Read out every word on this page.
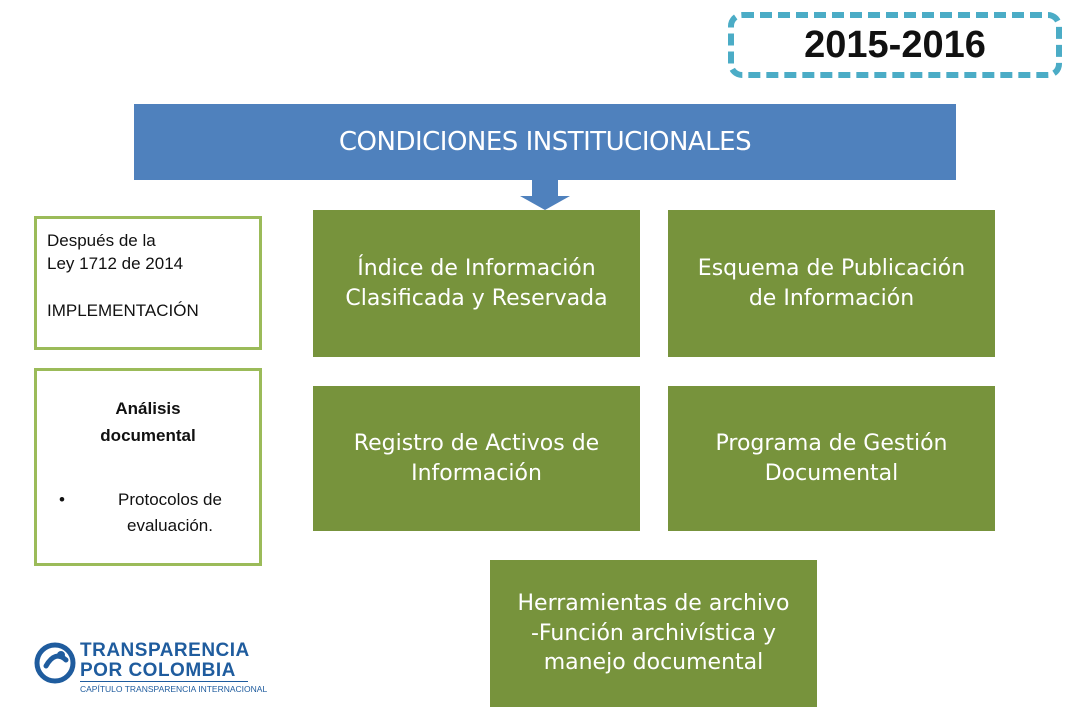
2015-2016
CONDICIONES INSTITUCIONALES
Índice de Información
Clasificada y Reservada
Esquema de Publicación
de Información
Registro de Activos de
Información
Programa de Gestión
Documental
Herramientas de archivo
-Función archivística y
manejo documental
Después de la
Ley 1712 de 2014
IMPLEMENTACIÓN
Análisis
documental
•	Protocolos de
evaluación.
TRANSPARENCIA
POR COLOMBIA
CAPÍTULO TRANSPARENCIA INTERNACIONAL
